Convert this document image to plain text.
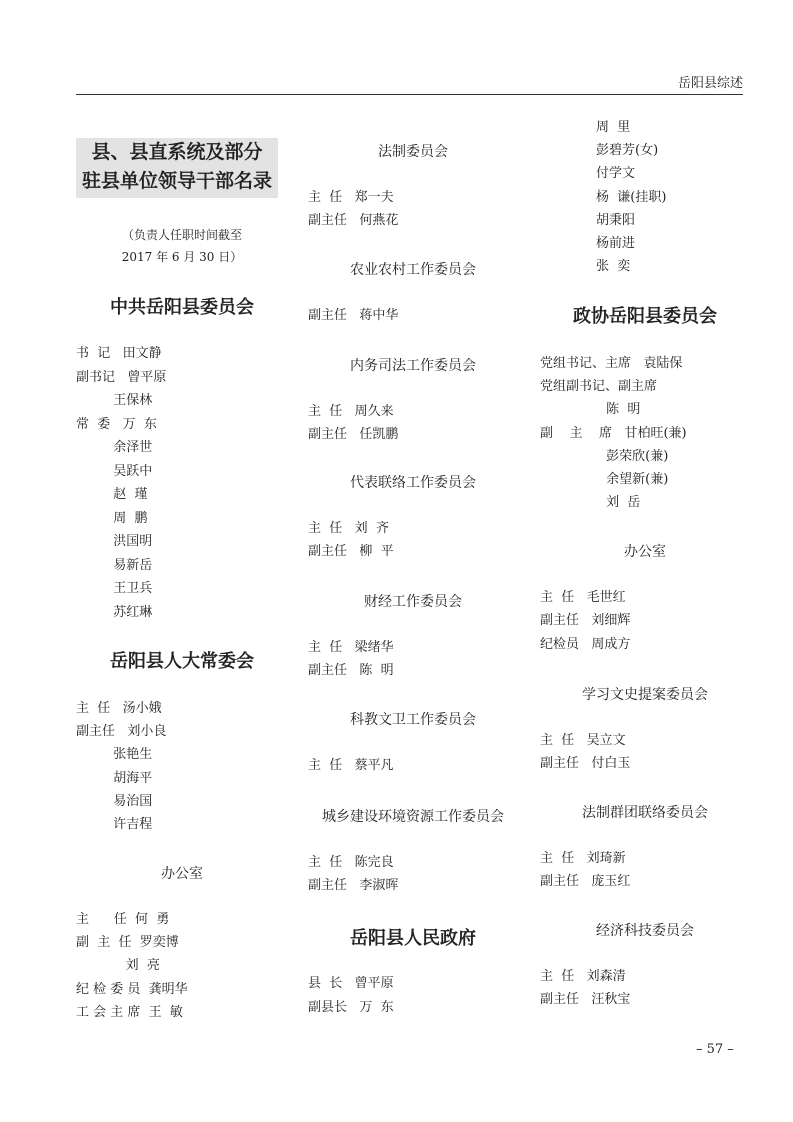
岳阳县综述
县、县直系统及部分
驻县单位领导干部名录
（负责人任职时间截至
2017 年 6 月 30 日）
中共岳阳县委员会
书  记   田文静
副书记   曾平原
王保林
常  委   万  东
余泽世
吴跃中
赵  瑾
周  鹏
洪国明
易新岳
王卫兵
苏红琳
岳阳县人大常委会
主  任   汤小娥
副主任   刘小良
张艳生
胡海平
易治国
许吉程
办公室
主      任  何  勇
副  主  任  罗奕博
刘  亮
纪 检 委 员  龚明华
工 会 主 席  王  敏
法制委员会
主  任   郑一夫
副主任   何燕花
农业农村工作委员会
副主任   蒋中华
内务司法工作委员会
主  任   周久来
副主任   任凯鹏
代表联络工作委员会
主  任   刘  齐
副主任   柳  平
财经工作委员会
主  任   梁绪华
副主任   陈  明
科教文卫工作委员会
主  任   蔡平凡
城乡建设环境资源工作委员会
主  任   陈完良
副主任   李淑晖
岳阳县人民政府
县  长   曾平原
副县长   万  东
周  里
彭碧芳(女)
付学文
杨  谦(挂职)
胡秉阳
杨前进
张  奕
政协岳阳县委员会
党组书记、主席   袁陆保
党组副书记、副主席
陈  明
副    主    席   甘柏旺(兼)
彭荣欣(兼)
余望新(兼)
刘  岳
办公室
主  任   毛世红
副主任   刘细辉
纪检员   周成方
学习文史提案委员会
主  任   吴立文
副主任   付白玉
法制群团联络委员会
主  任   刘琦新
副主任   庞玉红
经济科技委员会
主  任   刘森清
副主任   汪秋宝
– 57 –
